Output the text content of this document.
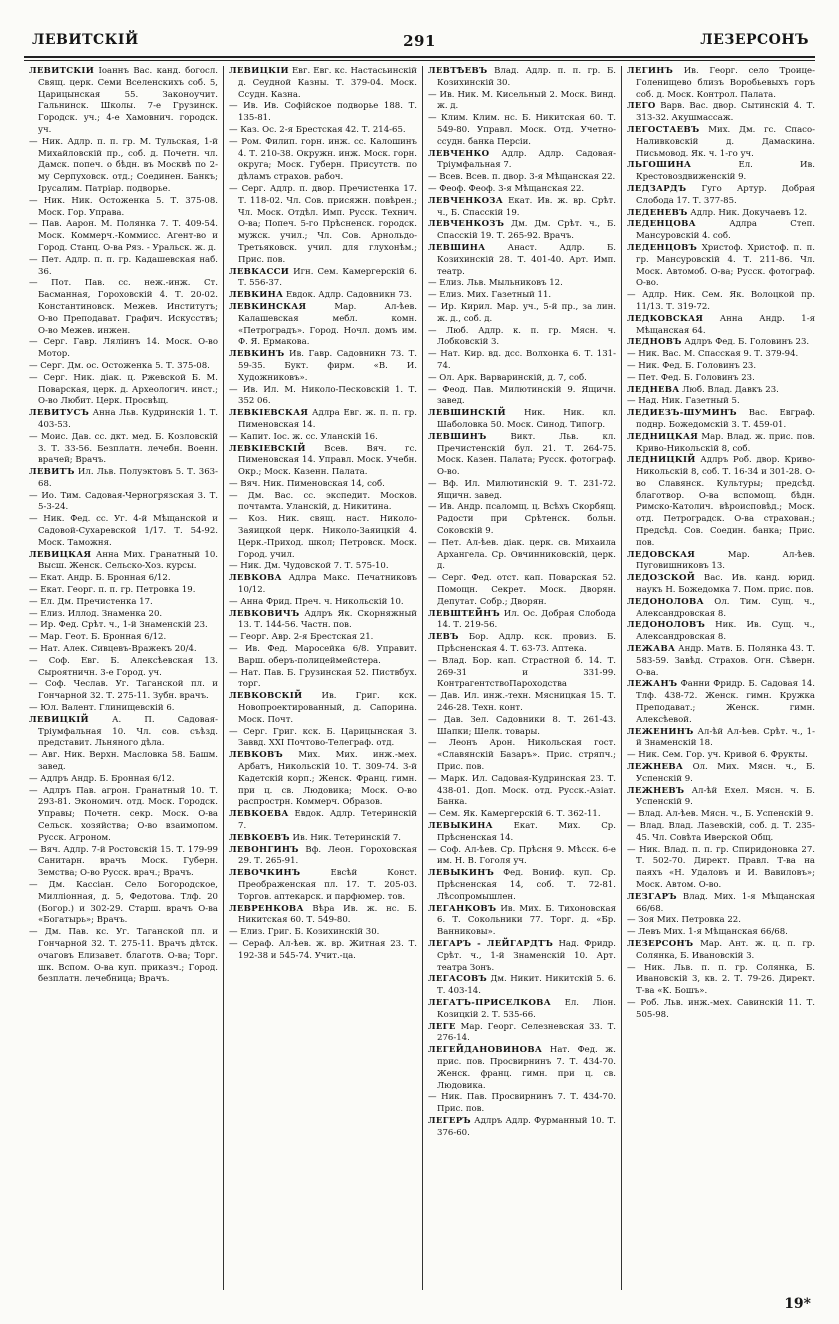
ЛЕВИТСКІЙ	291	ЛЕЗЕРСОНЪ
ЛЕВИТСКІЙ Іоаннъ Вас. канд. богосл. Свящ. церк. Семи Вселенскихъ соб. 5, Царицынская 55. Законоучит. Гальнинск. Школы. 7-е Грузинск. Городск. уч.; 4-е Хамовнич. городск. уч.
— Ник. Адлр. п. п. гр. М. Тульская, 1-й Михайловскій пр., соб. д. Почетн. чл. Дамск. попеч. о бѣдн. въ Москвѣ по 2-му Серпуховск. отд.; Соединен. Банкъ; Ірусалим. Патріар. подворье.
— Ник. Ник. Остоженка 5. Т. 375-08. Моск. Гор. Управа.
— Пав. Аарон. М. Полянка 7. Т. 409-54. Моск. Коммерч.-Коммисс. Агент-во и Город. Станц. О-ва Ряз. - Уральск. ж. д.
— Пет. Адлр. п. п. гр. Кадашевская наб. 36.
— Пот. Пав. сс. неж.-инж. Ст. Басманная, Гороховскій 4. Т. 20-02. Константиновск. Межев. Институтъ; О-во Преподават. Графич. Искусствъ; О-во Межев. инжен.
— Серг. Гавр. Ляліинъ 14. Моск. О-во Мотор.
— Серг. Дм. ос. Остоженка 5. Т. 375-08.
— Серг. Ник. діак. ц. Ржевской Б. М. Поварская, церк. д. Археологич. инст.; О-во Любит. Церк. Просвѣщ.
ЛЕВИТУСЪ Анна Льв. Кудринскій 1. Т. 403-53.
— Моис. Дав. сс. дкт. мед. Б. Козловскій 3. Т. 33-56. Безплатн. лечебн. Военн. врачей; Врачъ.
ЛЕВИТЪ Ил. Льв. Полуэктовъ 5. Т. 363-68.
— Ио. Тим. Садовая-Черногрязская 3. Т. 5-3-24.
— Ник. Фед. сс. Уг. 4-й Мѣщанской и Садовой-Сухаревской 1/17. Т. 54-92. Моск. Таможня.
ЛЕВИЦКАЯ Анна Мих. Гранатный 10. Высш. Женск. Сельско-Хоз. курсы.
— Екат. Андр. Б. Бронная 6/12.
— Екат. Георг. п. п. гр. Петровка 19.
— Ел. Дм. Пречистенка 17.
— Елиз. Иллод. Знаменка 20.
— Ир. Фед. Срѣт. ч., 1-й Знаменскій 23.
— Мар. Геот. Б. Бронная 6/12.
— Нат. Алек. Сивцевъ-Вражекъ 20/4.
— Соф. Евг. Б. Алексѣевская 13. Сыроятничн. 3-е Город. уч.
— Соф. Чеслав. Уг. Таганской пл. и Гончарной 32. Т. 275-11. Зубн. врачъ.
— Юл. Валент. Глинищевскій 6.
ЛЕВИЦКІЙ А. П. Садовая-Тріумфальная 10. Чл. сов. съѣзд. представит. Льняного дѣла.
— Авг. Ник. Верхн. Масловка 58. Башм. завед.
— Адлръ Андр. Б. Бронная 6/12.
— Адлръ Пав. агрон. Гранатный 10. Т. 293-81. Экономич. отд. Моск. Городск. Управы; Почетн. секр. Моск. О-ва Сельск. хозяйства; О-во взаимопом. Русск. Агроном.
— Вяч. Адлр. 7-й Ростовскій 15. Т. 179-99 Санитарн. врачъ Моск. Губерн. Земства; О-во Русск. врач.; Врачъ.
— Дм. Кассіан. Село Богородское, Милліонная, д. 5, Федотова. Тлф. 20 (Богор.) и 302-29. Старш. врачъ О-ва «Богатырь»; Врачъ.
— Дм. Пав. кс. Уг. Таганской пл. и Гончарной 32. Т. 275-11. Врачъ дѣтск. очаговъ Елизавет. благотв. О-ва; Торг. шк. Вспом. О-ва куп. приказч.; Город. безплатн. лечебница; Врачъ.
ЛЕВИЦКІЙ Евг. Евг. кс. Настасьинскій д. Сеудной Казны. Т. 379-04. Моск. Ссудн. Казна.
— Ив. Ив. Софійское подворье 188. Т. 135-81.
— Каз. Ос. 2-я Брестская 42. Т. 214-65.
— Ром. Филип. горн. инж. сс. Калошинъ 4. Т. 210-38. Окружн. инж. Моск. горн. округа; Моск. Губерн. Присутств. по дѣламъ страхов. рабоч.
— Серг. Адлр. п. двор. Пречистенка 17. Т. 118-02. Чл. Сов. присяжн. повѣрен.; Чл. Моск. Отдѣл. Имп. Русск. Технич. О-ва; Попеч. 5-го Прѣсненск. городск. мужск. учил.; Чл. Сов. Арнольдо-Третьяковск. учил. для глухонѣм.; Прис. пов.
ЛЕВКАССИ Игн. Сем. Камергерскій 6. Т. 556-37.
ЛЕВКИНА Евдок. Адлр. Садовникн 73.
ЛЕВКИНСКАЯ Мар. Ал-ѣев. Калашевская мебл. комн. «Петроградъ». Город. Ночл. домъ им. Ф. Я. Ермакова.
ЛЕВКИНЪ Ив. Гавр. Садовникн 73. Т. 59-35. Букт. фирм. «В. И. Художниковъ».
— Ив. Ил. М. Николо-Песковскій 1. Т. 352 06.
ЛЕВКІЕВСКАЯ Адлра Евг. ж. п. п. гр. Пименовская 14.
— Капит. Іос. ж. сс. Уланскій 16.
ЛЕВКІЕВСКІЙ Всев. Вяч. гс. Пименовская 14. Управл. Моск. Учебн. Окр.; Моск. Казенн. Палата.
— Вяч. Ник. Пименовская 14, соб.
— Дм. Вас. сс. экспедит. Москов. почтамта. Уланскій, д. Никитина.
— Коз. Ник. свящ. наст. Николо-Заяицкой церк. Николо-Заяицкій 4. Церк.-Приход. школ; Петровск. Моск. Город. учил.
— Ник. Дм. Чудовской 7. Т. 575-10.
ЛЕВКОВА Адлра Макс. Печатниковъ 10/12.
— Анна Фрид. Преч. ч. Никольскій 10.
ЛЕВКОВИЧЪ Адлръ Як. Скорняжный 13. Т. 144-56. Частн. пов.
— Георг. Авр. 2-я Брестская 21.
— Ив. Фед. Маросейка 6/8. Управит. Варш. оберъ-полицеймейстера.
— Нат. Пав. Б. Грузинская 52. Пиствбух. торг.
ЛЕВКОВСКІЙ Ив. Григ. кск. Новопроектированный, д. Сапорина. Моск. Почт.
— Серг. Григ. кск. Б. Царицынская 3. Заввд. XXI Почтово-Телеграф. отд.
ЛЕВКОВЪ Мих. Мих. инж.-мех. Арбатъ, Никольскій 10. Т. 309-74. 3-й Кадетскій корп.; Женск. Франц. гимн. при ц. св. Людовика; Моск. О-во распрострн. Коммерч. Образов.
ЛЕВКОЕВА Евдок. Адлр. Тетеринскій 7.
ЛЕВКОЕВЪ Ив. Ник. Тетеринскій 7.
ЛЕВОНГИНЪ Вф. Леон. Гороховская 29. Т. 265-91.
ЛЕВОЧКИНЪ Евсѣй Конст. Преображенская пл. 17. Т. 205-03. Торгов. аптекарск. и парфюмер. тов.
ЛЕВРЕНКОВА Вѣра Ив. ж. нс. Б. Никитская 60. Т. 549-80.
— Елиз. Григ. Б. Козихинскій 30.
— Сераф. Ал-ѣев. ж. вр. Житная 23. Т. 192-38 и 545-74. Учит.-ца.
ЛЕВТѢЕВЪ Влад. Адлр. п. п. гр. Б. Козихинскій 30.
— Ив. Ник. М. Кисельный 2. Моск. Винд. ж. д.
— Клим. Клим. нс. Б. Никитская 60. Т. 549-80. Управл. Моск. Отд. Учетно-ссудн. банка Персіи.
ЛЕВЧЕНКО Адлр. Адлр. Садовая-Тріумфальная 7.
— Всев. Всев. п. двор. 3-я Мѣщанская 22.
— Феоф. Феоф. 3-я Мѣщанская 22.
ЛЕВЧЕНКОЗА Екат. Ив. ж. вр. Срѣт. ч., Б. Спасскій 19.
ЛЕВЧЕНКОЗЪ Дм. Дм. Срѣт. ч., Б. Спасскій 19. Т. 265-92. Врачъ.
ЛЕВШИНА Анаст. Адлр. Б. Козихинскій 28. Т. 401-40. Арт. Имп. театр.
— Елиз. Льв. Мыльниковъ 12.
— Елиз. Мих. Газетный 11.
— Ир. Кирил. Мар. уч., 5-й пр., за лин. ж. д., соб. д.
— Люб. Адлр. к. п. гр. Мясн. ч. Лобковскій 3.
— Нат. Кир. вд. дсс. Волхонка 6. Т. 131-74.
— Ол. Арк. Варваринскій, д. 7, соб.
— Феод. Пав. Милютинскій 9. Ящичн. завед.
ЛЕВШИНСКІЙ Ник. Ник. кл. Шаболовка 50. Моск. Синод. Типогр.
ЛЕВШИНЪ Викт. Льв. кл. Пречистенскій бул. 21. Т. 264-75. Моск. Казен. Палата; Русск. фотограф. О-во.
— Вф. Ил. Милютинскій 9. Т. 231-72. Ящичн. завед.
— Ив. Андр. псаломщ. ц. Всѣхъ Скорбящ. Радости при Срѣтенск. больн. Соковскій 9.
— Пет. Ал-ѣев. діак. церк. св. Михаила Архангела. Ср. Овчинниковскій, церк. д.
— Серг. Фед. отст. кап. Поварская 52. Помощн. Секрет. Моск. Дворян. Депутат. Собр.; Дворян.
ЛЕВШТЕЙНЪ Ил. Ос. Добрая Слобода 14. Т. 219-56.
ЛЕВЪ Бор. Адлр. кск. провиз. Б. Прѣсненская 4. Т. 63-73. Аптека.
— Влад. Бор. кап. Страстной б. 14. Т. 269-31 и 331-99. КонтрагентствоПароходства
— Дав. Ил. инж.-техн. Мясницкая 15. Т. 246-28. Техн. конт.
— Дав. Зел. Садовники 8. Т. 261-43. Шапки; Шелк. товары.
— Леонъ Арон. Никольская гост. «Славянскій Базаръ». Прис. стряпч.; Прис. пов.
— Марк. Ил. Садовая-Кудринская 23. Т. 438-01. Доп. Моск. отд. Русск.-Азіат. Банка.
— Сем. Як. Камергерскій 6. Т. 362-11.
ЛЕВЫКИНА Екат. Мих. Ср. Прѣсненская 14.
— Соф. Ал-ѣев. Ср. Прѣсня 9. Мѣсск. 6-е им. Н. В. Гоголя уч.
ЛЕВЫКИНЪ Фед. Вониф. куп. Ср. Прѣсненская 14, соб. Т. 72-81. Лѣсопромышлен.
ЛЕГАНКОВЪ Ив. Мих. Б. Тихоновская 6. Т. Сокольники 77. Торг. д. «Бр. Ванниковы».
ЛЕГАРЪ - ЛЕЙГАРДТЪ Над. Фридр. Срѣт. ч., 1-й Знаменскій 10. Арт. театра Зонъ.
ЛЕГАСОВЪ Дм. Никит. Никитскій 5. 6. Т. 403-14.
ЛЕГАТЪ-ПРИСЕЛКОВА Ел. Ліон. Козицкій 2. Т. 535-66.
ЛЕГЕ Мар. Георг. Селезневская 33. Т. 276-14.
ЛЕГЕЙДАНОВИНОВА Нат. Фед. ж. прис. пов. Просвирнинъ 7. Т. 434-70. Женск. франц. гимн. при ц. св. Людовика.
— Ник. Пав. Просвирнинъ 7. Т. 434-70. Прис. пов.
ЛЕГЕРЪ Адлръ Адлр. Фурманный 10. Т. 376-60.
ЛЕГИНЪ Ив. Георг. село Троице-Голенищево близъ Воробьевыхъ горъ соб. д. Моск. Контрол. Палата.
ЛЕГО Варв. Вас. двор. Сытинскій 4. Т. 313-32. Акушмассаж.
ЛЕГОСТАЕВЪ Мих. Дм. гс. Спасо-Наливковскій д. Дамаскина. Письмовод. Як. ч. 1-го уч.
ЛЬГОШИНА Ел. Ив. Крестовоздвиженскій 9.
ЛЕДЗАРДЪ Гуго Артур. Добрая Слобода 17. Т. 377-85.
ЛЕДЕНЕВЪ Адлр. Ник. Докучаевъ 12.
ЛЕДЕНЦОВА Адлра Степ. Мансуровскій 4. соб.
ЛЕДЕНЦОВЪ Христоф. Христоф. п. п. гр. Мансуровскій 4. Т. 211-86. Чл. Моск. Автомоб. О-ва; Русск. фотограф. О-во.
— Адлр. Ник. Сем. Як. Волоцкой пр. 11/13. Т. 319-72.
ЛЕДКОВСКАЯ Анна Андр. 1-я Мѣщанская 64.
ЛЕДНОВЪ Адлръ Фед. Б. Головинъ 23.
— Ник. Вас. М. Спасская 9. Т. 379-94.
— Ник. Фед. Б. Головинъ 23.
— Пет. Фед. Б. Головинъ 23.
ЛЕДНЕВА Люб. Влад. Давкъ 23.
— Над. Ник. Газетный 5.
ЛЕДИЕЗЪ-ШУМИНЪ Вас. Евграф. поднр. Божедомскій 3. Т. 459-01.
ЛЕДНИЦКАЯ Мар. Влад. ж. прис. пов. Криво-Никольскій 8, соб.
ЛЕДНИЦКІЙ Адлръ Роб. двор. Криво-Никольскій 8, соб. Т. 16-34 и 301-28. О-во Славянск. Культуры; предсѣд. благотвор. О-ва вспомощ. бѣдн. Римско-Католич. вѣроисповѣд.; Моск. отд. Петроградск. О-ва страхован.; Предсѣд. Сов. Соедин. банка; Прис. пов.
ЛЕДОВСКАЯ Мар. Ал-ѣев. Пуговишниковъ 13.
ЛЕДОЗСКОЙ Вас. Ив. канд. юрид. наукъ Н. Божедомка 7. Пом. прис. пов.
ЛЕДОНОЛОВА Ол. Тим. Сущ. ч., Александровская 8.
ЛЕДОНОЛОВЪ Ник. Ив. Сущ. ч., Александровская 8.
ЛЕЖАВА Андр. Матв. Б. Полянка 43. Т. 583-59. Завѣд. Страхов. Огн. Сѣверн. О-ва.
ЛЕЖАНЪ Фанни Фридр. Б. Садовая 14. Тлф. 438-72. Женск. гимн. Кружка Преподават.; Женск. гимн. Алексѣевой.
ЛЕЖЕНИНЪ Ал-ѣй Ал-ѣев. Срѣт. ч., 1-й Знаменскій 18.
— Ник. Сем. Гор. уч. Кривой 6. Фрукты.
ЛЕЖНЕВА Ол. Мих. Мясн. ч., Б. Успенскій 9.
ЛЕЖНЕВЪ Ал-ѣй Ехел. Мясн. ч. Б. Успенскій 9.
— Влад. Ал-ѣев. Мясн. ч., Б. Успенскій 9.
— Влад. Влад. Лазевскій, соб. д. Т. 235-45. Чл. Совѣта Иверской Общ.
— Ник. Влад. п. п. гр. Спиридоновка 27. Т. 502-70. Директ. Правл. Т-ва на паяхъ «Н. Удаловъ и И. Вавиловъ»; Моск. Автом. О-во.
ЛЕЗГАРЪ Влад. Мих. 1-я Мѣщанская 66/68.
— Зоя Мих. Петровка 22.
— Левъ Мих. 1-я Мѣщанская 66/68.
ЛЕЗЕРСОНЪ Мар. Ант. ж. ц. п. гр. Солянка, Б. Ивановскій 3.
— Ник. Льв. п. п. гр. Солянка, Б. Ивановскій 3, кв. 2. Т. 79-26. Директ. Т-ва «К. Бошъ».
— Роб. Льв. инж.-мех. Савинскій 11. Т. 505-98.
19*
